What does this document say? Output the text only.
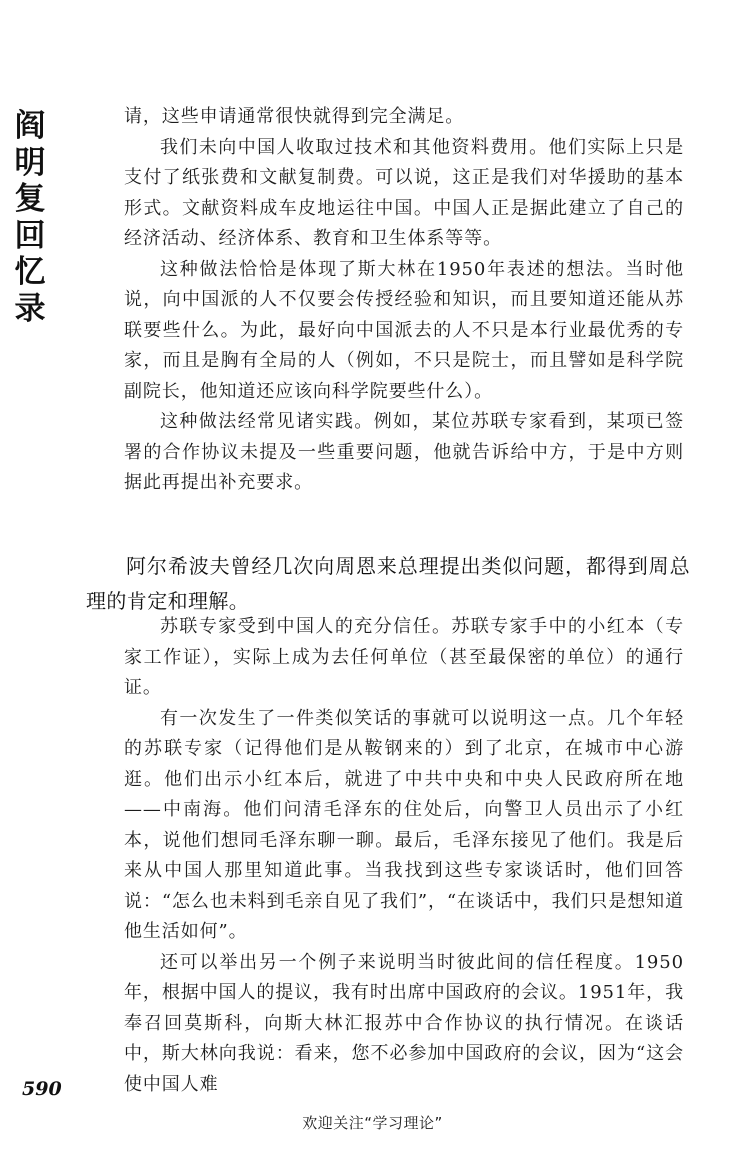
阎
明
复
回
忆
录

请，这些申请通常很快就得到完全满足。

我们未向中国人收取过技术和其他资料费用。他们实际上只是支付了纸张费和文献复制费。可以说，这正是我们对华援助的基本形式。文献资料成车皮地运往中国。中国人正是据此建立了自己的经济活动、经济体系、教育和卫生体系等等。

这种做法恰恰是体现了斯大林在1950年表述的想法。当时他说，向中国派的人不仅要会传授经验和知识，而且要知道还能从苏联要些什么。为此，最好向中国派去的人不只是本行业最优秀的专家，而且是胸有全局的人（例如，不只是院士，而且譬如是科学院副院长，他知道还应该向科学院要些什么）。

这种做法经常见诸实践。例如，某位苏联专家看到，某项已签署的合作协议未提及一些重要问题，他就告诉给中方，于是中方则据此再提出补充要求。

阿尔希波夫曾经几次向周恩来总理提出类似问题，都得到周总理的肯定和理解。

苏联专家受到中国人的充分信任。苏联专家手中的小红本（专家工作证），实际上成为去任何单位（甚至最保密的单位）的通行证。

有一次发生了一件类似笑话的事就可以说明这一点。几个年轻的苏联专家（记得他们是从鞍钢来的）到了北京，在城市中心游逛。他们出示小红本后，就进了中共中央和中央人民政府所在地——中南海。他们问清毛泽东的住处后，向警卫人员出示了小红本，说他们想同毛泽东聊一聊。最后，毛泽东接见了他们。我是后来从中国人那里知道此事。当我找到这些专家谈话时，他们回答说：“怎么也未料到毛亲自见了我们”，“在谈话中，我们只是想知道他生活如何”。

还可以举出另一个例子来说明当时彼此间的信任程度。1950年，根据中国人的提议，我有时出席中国政府的会议。1951年，我奉召回莫斯科，向斯大林汇报苏中合作协议的执行情况。在谈话中，斯大林向我说：看来，您不必参加中国政府的会议，因为“这会使中国人难

590
欢迎关注“学习理论”
